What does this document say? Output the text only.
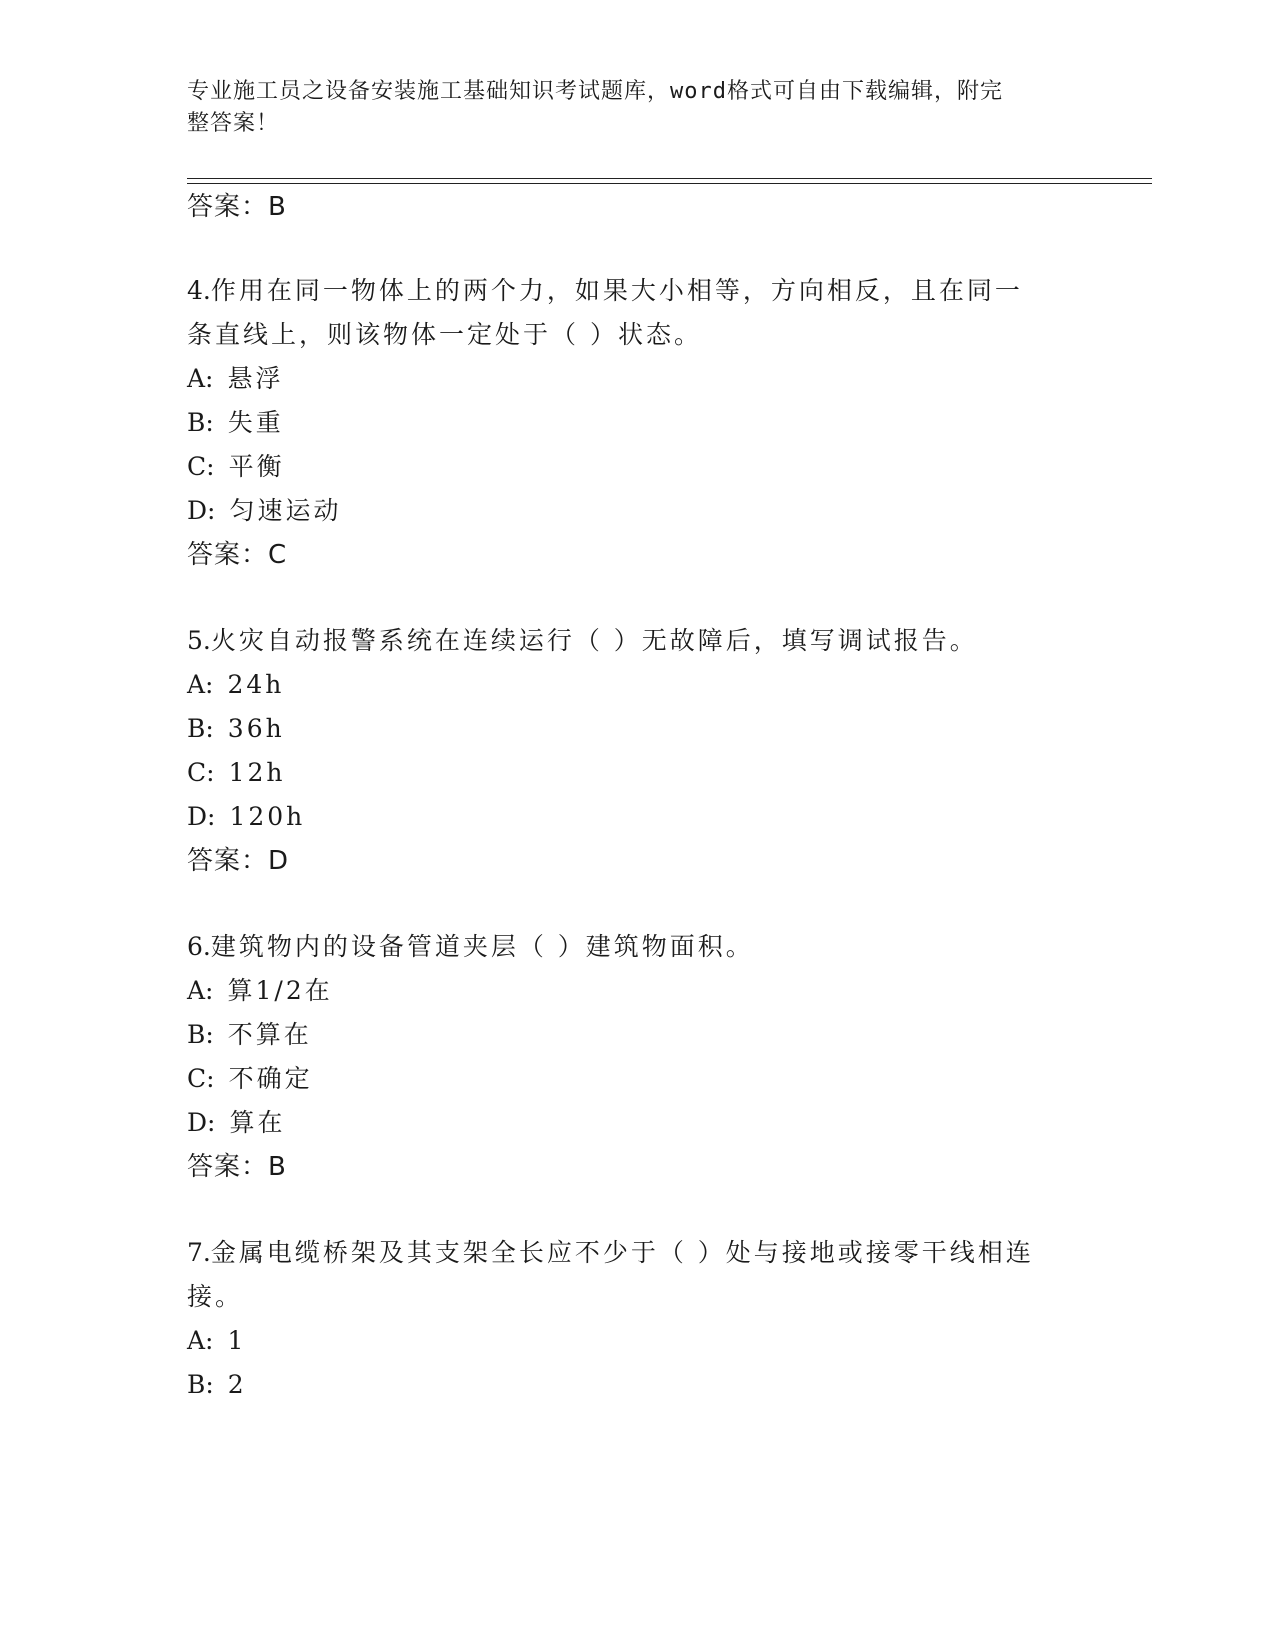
专业施工员之设备安装施工基础知识考试题库，word格式可自由下载编辑，附完
整答案！
答案：B
4.作用在同一物体上的两个力，如果大小相等，方向相反，且在同一
条直线上，则该物体一定处于（ ）状态。
A: 悬浮
B: 失重
C: 平衡
D: 匀速运动
答案：C
5.火灾自动报警系统在连续运行（ ）无故障后，填写调试报告。
A: 24h
B: 36h
C: 12h
D: 120h
答案：D
6.建筑物内的设备管道夹层（ ）建筑物面积。
A: 算1/2在
B: 不算在
C: 不确定
D: 算在
答案：B
7.金属电缆桥架及其支架全长应不少于（ ）处与接地或接零干线相连
接。
A: 1
B: 2
